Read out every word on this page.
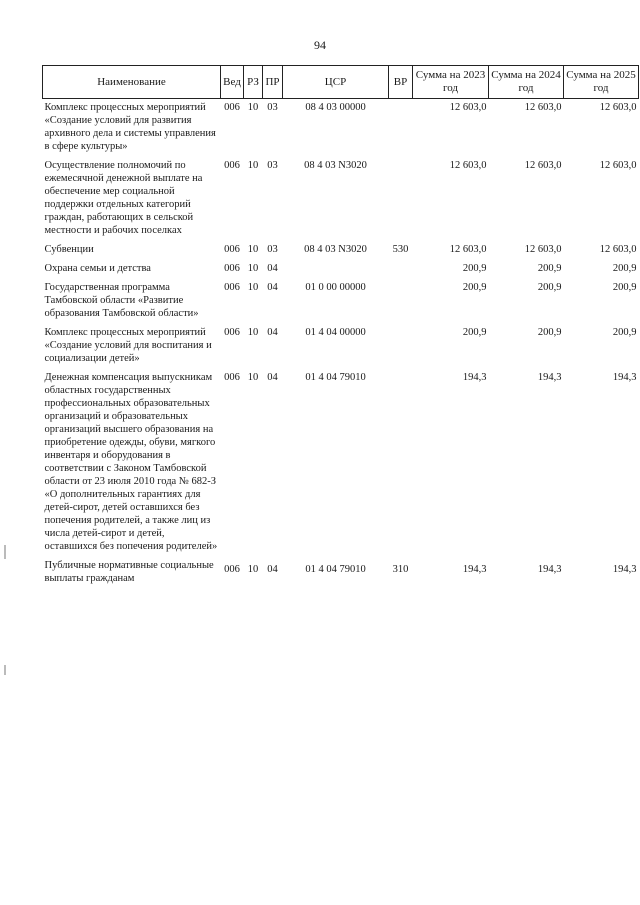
94
Наименование	Вед	РЗ	ПР	ЦСР	ВР	Сумма на 2023 год	Сумма на 2024 год	Сумма на 2025 год
Комплекс процессных мероприятий «Создание условий для развития архивного дела и системы управления в сфере культуры»	006	10	03	08 4 03 00000		12 603,0	12 603,0	12 603,0
Осуществление полномочий по ежемесячной денежной выплате на обеспечение мер социальной поддержки отдельных категорий граждан, работающих в сельской местности и рабочих поселках	006	10	03	08 4 03 N3020		12 603,0	12 603,0	12 603,0
Субвенции	006	10	03	08 4 03 N3020	530	12 603,0	12 603,0	12 603,0
Охрана семьи и детства	006	10	04			200,9	200,9	200,9
Государственная программа Тамбовской области «Развитие образования Тамбовской области»	006	10	04	01 0 00 00000		200,9	200,9	200,9
Комплекс процессных мероприятий «Создание условий для воспитания и социализации детей»	006	10	04	01 4 04 00000		200,9	200,9	200,9
Денежная компенсация выпускникам областных государственных профессиональных образовательных организаций и образовательных организаций высшего образования на приобретение одежды, обуви, мягкого инвентаря и оборудования в соответствии с Законом Тамбовской области от 23 июля 2010 года № 682-З «О дополнительных гарантиях для детей-сирот, детей оставшихся без попечения родителей, а также лиц из числа детей-сирот и детей, оставшихся без попечения родителей»	006	10	04	01 4 04 79010		194,3	194,3	194,3
Публичные нормативные социальные выплаты гражданам	006	10	04	01 4 04 79010	310	194,3	194,3	194,3
